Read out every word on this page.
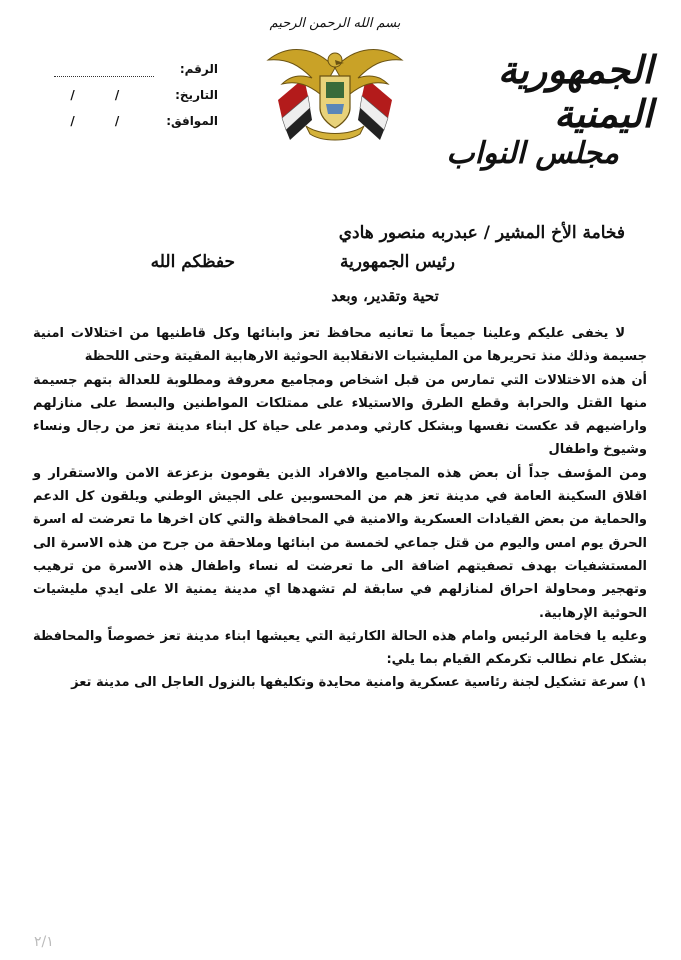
الجمهورية اليمنية
مجلس النواب
بسم الله الرحمن الرحيم
الرقم:
التاريخ: / /
الموافق: / /
فخامة الأخ المشير / عبدربه منصور هادي
رئيس الجمهورية
حفظكم الله
تحية وتقدير، وبعد

لا يخفى عليكم وعلينا جميعاً ما تعانيه محافظ تعز وابنائها وكل قاطنيها من اختلالات امنية جسيمة وذلك منذ تحريرها من المليشيات الانقلابية الحوثية الارهابية المقيتة وحتى اللحظة

أن هذه الاختلالات التي تمارس من قبل اشخاص ومجاميع معروفة ومطلوبة للعدالة بتهم جسيمة منها القتل والحرابة وقطع الطرق والاستيلاء على ممتلكات المواطنين والبسط على منازلهم واراضيهم قد عكست نفسها وبشكل كارثي ومدمر على حياة كل ابناء مدينة تعز من رجال ونساء وشيوخ واطفال

ومن المؤسف جداً أن بعض هذه المجاميع والافراد الذين يقومون بزعزعة الامن والاستقرار و اقلاق السكينة العامة في مدينة تعز هم من المحسوبين على الجيش الوطني ويلقون كل الدعم والحماية من بعض القيادات العسكرية والامنية في المحافظة والتي كان اخرها ما تعرضت له اسرة الحرق يوم امس واليوم من قتل جماعي لخمسة من ابنائها وملاحقة من جرح من هذه الاسرة الى المستشفيات بهدف تصفيتهم اضافة الى ما تعرضت له نساء واطفال هذه الاسرة من ترهيب وتهجير ومحاولة احراق لمنازلهم في سابقة لم تشهدها اي مدينة يمنية الا على ايدي مليشيات الحوثية الإرهابية.

وعليه يا فخامة الرئيس وامام هذه الحالة الكارثية التي يعيشها ابناء مدينة تعز خصوصاً والمحافظة بشكل عام نطالب تكرمكم القيام بما يلي:

١) سرعة تشكيل لجنة رئاسية عسكرية وامنية محايدة وتكليفها بالنزول العاجل الى مدينة تعز

٢/١
